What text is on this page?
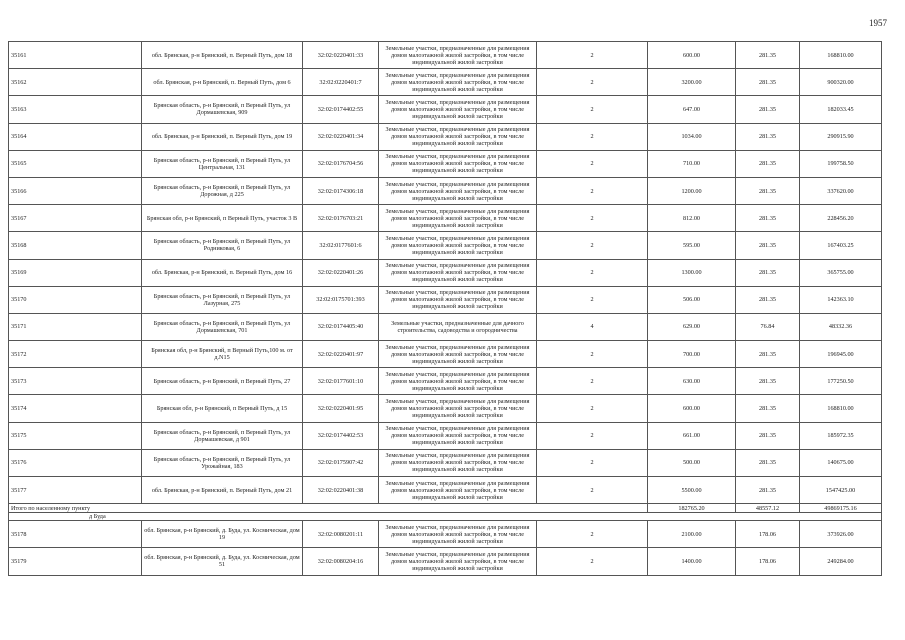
1957
35161	обл. Брянская, р-н Брянский, п. Верный Путь, дом 18	32:02:0220401:33	Земельные участки, предназначенные для размещения домов малоэтажной жилой застройки, в том числе индивидуальной жилой застройки	2	600.00	281.35	168810.00
35162	обл. Брянская, р-н Брянский, п. Верный Путь, дом 6	32:02:0220401:7	Земельные участки, предназначенные для размещения домов малоэтажной жилой застройки, в том числе индивидуальной жилой застройки	2	3200.00	281.35	900320.00
35163	Брянская область, р-н Брянский, п Верный Путь, ул Дормашевская, 909	32:02:0174402:55	Земельные участки, предназначенные для размещения домов малоэтажной жилой застройки, в том числе индивидуальной жилой застройки	2	647.00	281.35	182033.45
35164	обл. Брянская, р-н Брянский, п. Верный Путь, дом 19	32:02:0220401:34	Земельные участки, предназначенные для размещения домов малоэтажной жилой застройки, в том числе индивидуальной жилой застройки	2	1034.00	281.35	290915.90
35165	Брянская область, р-н Брянский, п Верный Путь, ул Центральная, 131	32:02:0176704:56	Земельные участки, предназначенные для размещения домов малоэтажной жилой застройки, в том числе индивидуальной жилой застройки	2	710.00	281.35	199758.50
35166	Брянская область, р-н Брянский, п Верный Путь, ул Дорожная, д 225	32:02:0174306:18	Земельные участки, предназначенные для размещения домов малоэтажной жилой застройки, в том числе индивидуальной жилой застройки	2	1200.00	281.35	337620.00
35167	Брянская обл, р-н Брянский, п Верный Путь, участок 3 В	32:02:0176703:21	Земельные участки, предназначенные для размещения домов малоэтажной жилой застройки, в том числе индивидуальной жилой застройки	2	812.00	281.35	228456.20
35168	Брянская область, р-н Брянский, п Верный Путь, ул Родниковая, 6	32:02:0177601:6	Земельные участки, предназначенные для размещения домов малоэтажной жилой застройки, в том числе индивидуальной жилой застройки	2	595.00	281.35	167403.25
35169	обл. Брянская, р-н Брянский, п. Верный Путь, дом 16	32:02:0220401:26	Земельные участки, предназначенные для размещения домов малоэтажной жилой застройки, в том числе индивидуальной жилой застройки	2	1300.00	281.35	365755.00
35170	Брянская область, р-н Брянский, п Верный Путь, ул Лазурная, 275	32:02:0175701:393	Земельные участки, предназначенные для размещения домов малоэтажной жилой застройки, в том числе индивидуальной жилой застройки	2	506.00	281.35	142363.10
35171	Брянская область, р-н Брянский, п Верный Путь, ул Дормашевская, 701	32:02:0174405:40	Земельные участки, предназначенные для дачного строительства, садоводства и огородничества	4	629.00	76.84	48332.36
35172	Брянская обл, р-н Брянский, п Верный Путь,100 м. от д.N15	32:02:0220401:97	Земельные участки, предназначенные для размещения домов малоэтажной жилой застройки, в том числе индивидуальной жилой застройки	2	700.00	281.35	196945.00
35173	Брянская область, р-н Брянский, п Верный Путь, 27	32:02:0177601:10	Земельные участки, предназначенные для размещения домов малоэтажной жилой застройки, в том числе индивидуальной жилой застройки	2	630.00	281.35	177250.50
35174	Брянская обл, р-н Брянский, п Верный Путь, д 15	32:02:0220401:95	Земельные участки, предназначенные для размещения домов малоэтажной жилой застройки, в том числе индивидуальной жилой застройки	2	600.00	281.35	168810.00
35175	Брянская область, р-н Брянский, п Верный Путь, ул Дормашевская, д 901	32:02:0174402:53	Земельные участки, предназначенные для размещения домов малоэтажной жилой застройки, в том числе индивидуальной жилой застройки	2	661.00	281.35	185972.35
35176	Брянская область, р-н Брянский, п Верный Путь, ул Урожайная, 183	32:02:0175907:42	Земельные участки, предназначенные для размещения домов малоэтажной жилой застройки, в том числе индивидуальной жилой застройки	2	500.00	281.35	140675.00
35177	обл. Брянская, р-н Брянский, п. Верный Путь, дом 21	32:02:0220401:38	Земельные участки, предназначенные для размещения домов малоэтажной жилой застройки, в том числе индивидуальной жилой застройки	2	5500.00	281.35	1547425.00
Итого по населенному пункту					182765.20	48557.12	49869175.16
д Буда							
35178	обл. Брянская, р-н Брянский, д. Буда, ул. Космическая, дом 19	32:02:0080201:11	Земельные участки, предназначенные для размещения домов малоэтажной жилой застройки, в том числе индивидуальной жилой застройки	2	2100.00	178.06	373926.00
35179	обл. Брянская, р-н Брянский, д. Буда, ул. Космическая, дом 51	32:02:0080204:16	Земельные участки, предназначенные для размещения домов малоэтажной жилой застройки, в том числе индивидуальной жилой застройки	2	1400.00	178.06	249284.00
